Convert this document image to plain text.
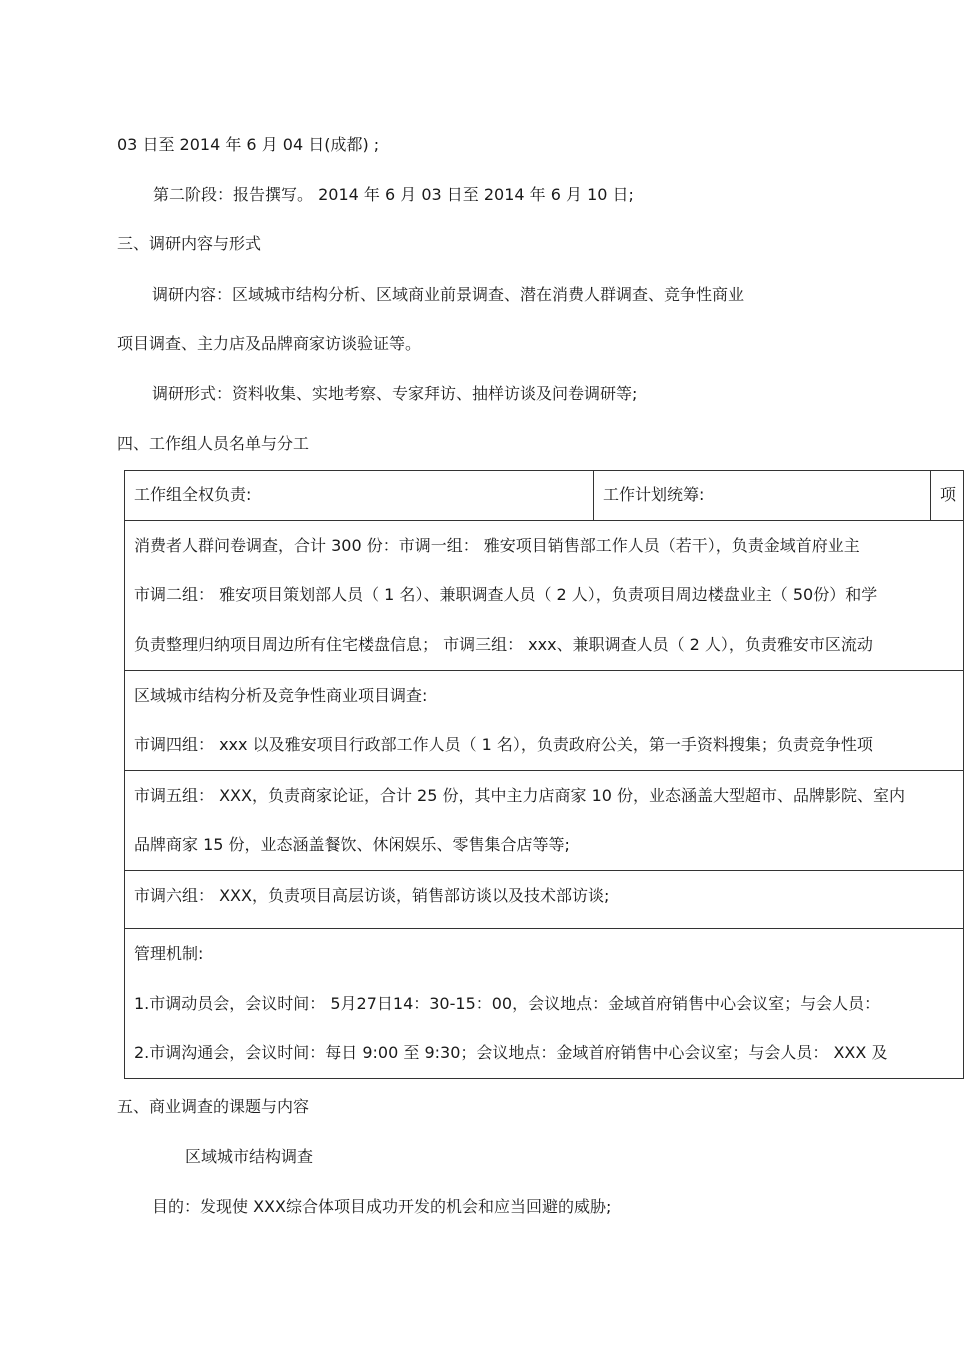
03 日至 2014 年 6 月 04 日(成都) ;
第二阶段：报告撰写。 2014 年 6 月 03 日至 2014 年 6 月 10 日;
三、调研内容与形式
调研内容：区域城市结构分析、区域商业前景调查、潜在消费人群调查、竞争性商业
项目调查、主力店及品牌商家访谈验证等。
调研形式：资料收集、实地考察、专家拜访、抽样访谈及问卷调研等;
四、工作组人员名单与分工
工作组全权负责:	工作计划统筹:	项
消费者人群问卷调查，合计 300 份：市调一组： 雅安项目销售部工作人员（若干），负责金域首府业主
市调二组： 雅安项目策划部人员（ 1 名）、兼职调查人员（ 2 人），负责项目周边楼盘业主（ 50份）和学
负责整理归纳项目周边所有住宅楼盘信息； 市调三组： xxx、兼职调查人员（ 2 人），负责雅安市区流动
区域城市结构分析及竞争性商业项目调查:
市调四组： xxx 以及雅安项目行政部工作人员（ 1 名），负责政府公关，第一手资料搜集；负责竞争性项
市调五组： XXX，负责商家论证，合计 25 份，其中主力店商家 10 份，业态涵盖大型超市、品牌影院、室内
品牌商家 15 份，业态涵盖餐饮、休闲娱乐、零售集合店等等;
市调六组： XXX，负责项目高层访谈，销售部访谈以及技术部访谈;
管理机制:
1.市调动员会，会议时间： 5月27日14：30-15：00，会议地点：金域首府销售中心会议室；与会人员：
2.市调沟通会，会议时间：每日 9:00 至 9:30；会议地点：金域首府销售中心会议室；与会人员： XXX 及
五、商业调查的课题与内容
区域城市结构调查
目的：发现使 XXX综合体项目成功开发的机会和应当回避的威胁;
